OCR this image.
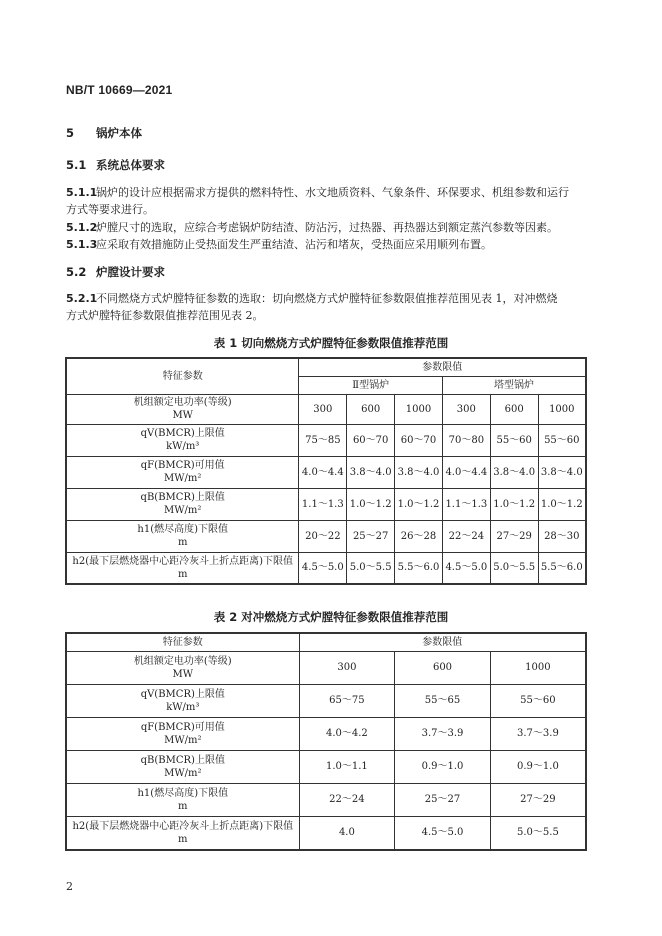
NB/T 10669—2021
5 锅炉本体
5.1 系统总体要求
5.1.1锅炉的设计应根据需求方提供的燃料特性、水文地质资料、气象条件、环保要求、机组参数和运行
方式等要求进行。
5.1.2炉膛尺寸的选取，应综合考虑锅炉防结渣、防沾污，过热器、再热器达到额定蒸汽参数等因素。
5.1.3应采取有效措施防止受热面发生严重结渣、沾污和堵灰，受热面应采用顺列布置。
5.2 炉膛设计要求
5.2.1不同燃烧方式炉膛特征参数的选取：切向燃烧方式炉膛特征参数限值推荐范围见表 1，对冲燃烧
方式炉膛特征参数限值推荐范围见表 2。
表 1 切向燃烧方式炉膛特征参数限值推荐范围
特征参数	参数限值					
	Ⅱ型锅炉			塔型锅炉		

机组额定电功率(等级)
MW	300	600	1000	300	600	1000

qV(BMCR)上限值
kW/m³	75～85	60～70	60～70	70～80	55～60	55～60

qF(BMCR)可用值
MW/m²	4.0～4.4	3.8～4.0	3.8～4.0	4.0～4.4	3.8～4.0	3.8～4.0

qB(BMCR)上限值
MW/m²	1.1～1.3	1.0～1.2	1.0～1.2	1.1～1.3	1.0～1.2	1.0～1.2

h1(燃尽高度)下限值
m	20～22	25～27	26～28	22～24	27～29	28～30

h2(最下层燃烧器中心距冷灰斗上折点距离)下限值
m	4.5～5.0	5.0～5.5	5.5～6.0	4.5～5.0	5.0～5.5	5.5～6.0
表 2 对冲燃烧方式炉膛特征参数限值推荐范围
特征参数	参数限值		

机组额定电功率(等级)
MW	300	600	1000

qV(BMCR)上限值
kW/m³	65～75	55～65	55～60

qF(BMCR)可用值
MW/m²	4.0～4.2	3.7～3.9	3.7～3.9

qB(BMCR)上限值
MW/m²	1.0～1.1	0.9～1.0	0.9～1.0

h1(燃尽高度)下限值
m	22～24	25～27	27～29

h2(最下层燃烧器中心距冷灰斗上折点距离)下限值
m	4.0	4.5～5.0	5.0～5.5
2
